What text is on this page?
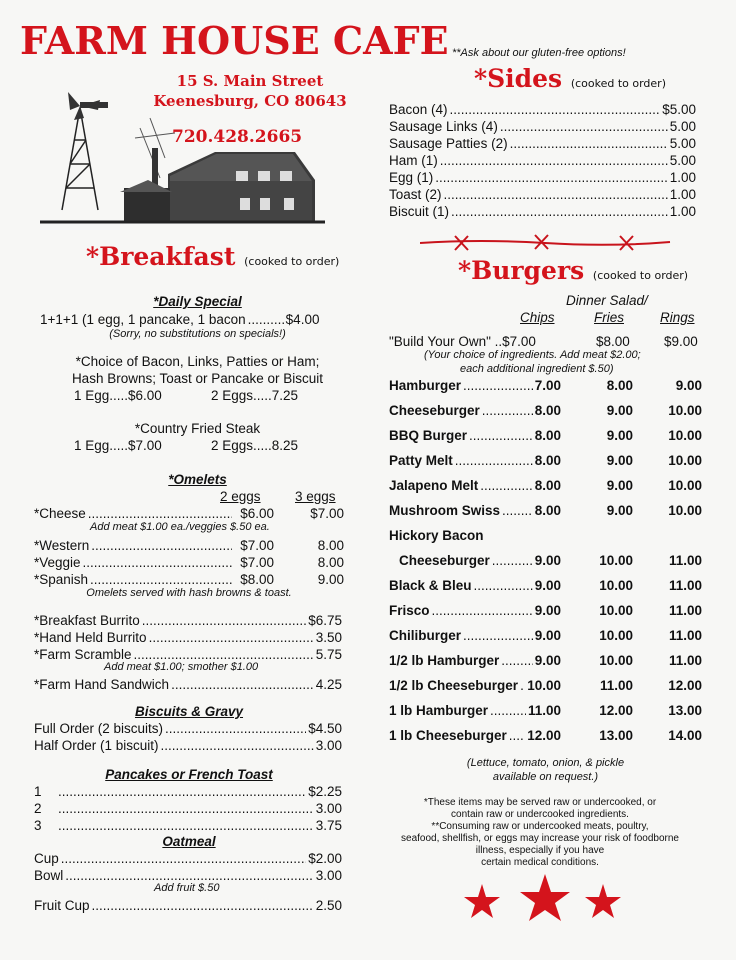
FARM HOUSE CAFE
15 S. Main Street
Keenesburg, CO 80643
720.428.2665
*Breakfast (cooked to order)
*Daily Special
1+1+1 (1 egg, 1 pancake, 1 bacon .....	$4.00
(Sorry, no substitutions on specials!)
*Choice of Bacon, Links, Patties or Ham;
Hash Browns; Toast or Pancake or Biscuit
1 Egg.....$6.00	2 Eggs.....7.25
*Country Fried Steak
1 Egg.....$7.00	2 Eggs.....8.25
*Omelets
2 eggs	3 eggs
*Cheese .....	$6.00	$7.00
Add meat $1.00 ea./veggies $.50 ea.
*Western .....	$7.00	8.00
*Veggie .....	$7.00	8.00
*Spanish .....	$8.00	9.00
Omelets served with hash browns & toast.
*Breakfast Burrito .....	$6.75
*Hand Held Burrito .....	3.50
*Farm Scramble .....	5.75
Add meat $1.00; smother $1.00
*Farm Hand Sandwich .....	4.25
Biscuits & Gravy
Full Order (2 biscuits) .....	$4.50
Half Order (1 biscuit) .....	3.00
Pancakes or French Toast
1 .....	$2.25
2 .....	3.00
3 .....	3.75
Oatmeal
Cup .....	$2.00
Bowl .....	3.00
Add fruit $.50
Fruit Cup .....	2.50
**Ask about our gluten-free options!
*Sides (cooked to order)
Bacon (4) .....	$5.00
Sausage Links (4) .....	5.00
Sausage Patties (2) .....	5.00
Ham (1) .....	5.00
Egg (1) .....	1.00
Toast (2) .....	1.00
Biscuit (1) .....	1.00
*Burgers (cooked to order)
Dinner Salad/
Chips	Fries	Rings
"Build Your Own" ..$7.00	$8.00	$9.00
(Your choice of ingredients. Add meat $2.00;
each additional ingredient $.50)
Hamburger .....	7.00	8.00	9.00
Cheeseburger .....	8.00	9.00	10.00
BBQ Burger .....	8.00	9.00	10.00
Patty Melt .....	8.00	9.00	10.00
Jalapeno Melt .....	8.00	9.00	10.00
Mushroom Swiss .....	8.00	9.00	10.00
Hickory Bacon
Cheeseburger .....	9.00	10.00	11.00
Black & Bleu .....	9.00	10.00	11.00
Frisco .....	9.00	10.00	11.00
Chiliburger .....	9.00	10.00	11.00
1/2 lb Hamburger .....	9.00	10.00	11.00
1/2 lb Cheeseburger ..... 10.00	11.00	12.00
1 lb Hamburger .....	11.00	12.00	13.00
1 lb Cheeseburger ..... 12.00	13.00	14.00
(Lettuce, tomato, onion, & pickle
available on request.)
*These items may be served raw or undercooked, or
contain raw or undercooked ingredients.
**Consuming raw or undercooked meats, poultry,
seafood, shellfish, or eggs may increase your risk of foodborne
illness, especially if you have
certain medical conditions.
